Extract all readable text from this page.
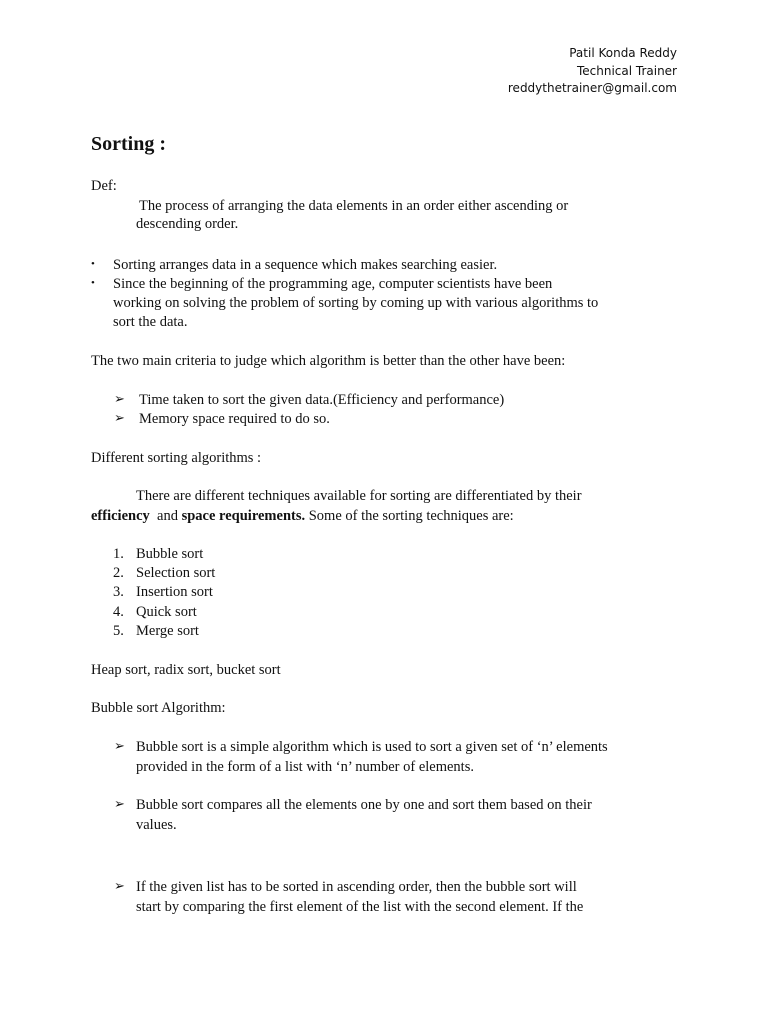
Patil Konda Reddy
Technical Trainer
reddythetrainer@gmail.com
Sorting :
Def:
The process of arranging the data elements in an order either ascending or
descending order.
• Sorting arranges data in a sequence which makes searching easier.
• Since the beginning of the programming age, computer scientists have been
working on solving the problem of sorting by coming up with various algorithms to
sort the data.
The two main criteria to judge which algorithm is better than the other have been:
➢ Time taken to sort the given data.(Efficiency and performance)
➢ Memory space required to do so.
Different sorting algorithms :
There are different techniques available for sorting are differentiated by their
efficiency  and space requirements. Some of the sorting techniques are:
1. Bubble sort
2. Selection sort
3. Insertion sort
4. Quick sort
5. Merge sort
Heap sort, radix sort, bucket sort
Bubble sort Algorithm:
➢ Bubble sort is a simple algorithm which is used to sort a given set of ‘n’ elements
provided in the form of a list with ‘n’ number of elements.
➢ Bubble sort compares all the elements one by one and sort them based on their
values.
➢ If the given list has to be sorted in ascending order, then the bubble sort will
start by comparing the first element of the list with the second element. If the
